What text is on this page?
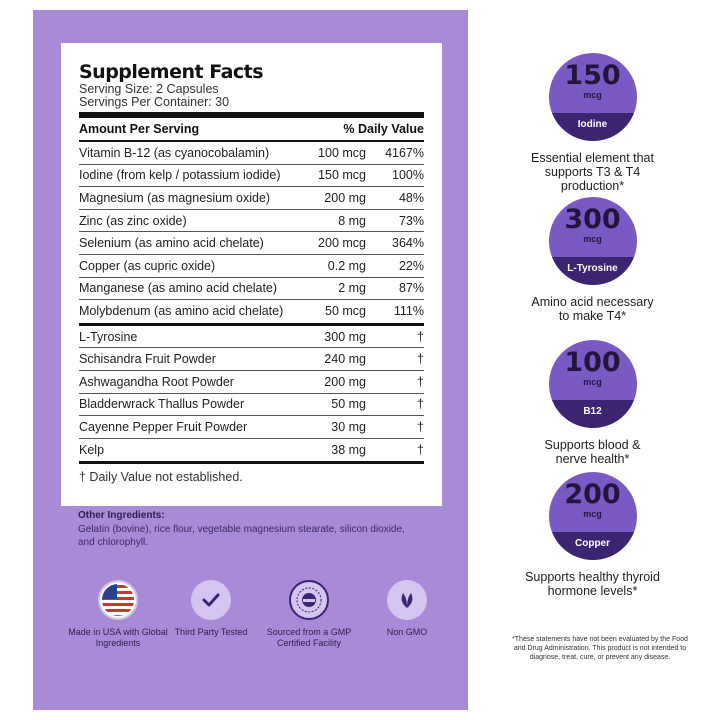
Supplement Facts
Serving Size: 2 Capsules
Servings Per Container: 30
Amount Per Serving	% Daily Value
Vitamin B-12 (as cyanocobalamin)	100 mcg	4167%
Iodine (from kelp / potassium iodide)	150 mcg	100%
Magnesium (as magnesium oxide)	200 mg	48%
Zinc (as zinc oxide)	8 mg	73%
Selenium (as amino acid chelate)	200 mcg	364%
Copper (as cupric oxide)	0.2 mg	22%
Manganese (as amino acid chelate)	2 mg	87%
Molybdenum (as amino acid chelate)	50 mcg	111%
L-Tyrosine	300 mg	†
Schisandra Fruit Powder	240 mg	†
Ashwagandha Root Powder	200 mg	†
Bladderwrack Thallus Powder	50 mg	†
Cayenne Pepper Fruit Powder	30 mg	†
Kelp	38 mg	†
† Daily Value not established.
Other Ingredients:
Gelatin (bovine), rice flour, vegetable magnesium stearate, silicon dioxide, and chlorophyll.
Made in USA with Global Ingredients
Third Party Tested	Sourced from a GMP Certified Facility
Non GMO
150
mcg
Iodine
Essential element that supports T3 & T4 production*
300
mcg
L-Tyrosine
Amino acid necessary to make T4*
100
mcg
B12
Supports blood & nerve health*
200
mcg
Copper
Supports healthy thyroid hormone levels*
*These statements have not been evaluated by the Food and Drug Administration. This product is not intended to diagnose, treat, cure, or prevent any disease.
